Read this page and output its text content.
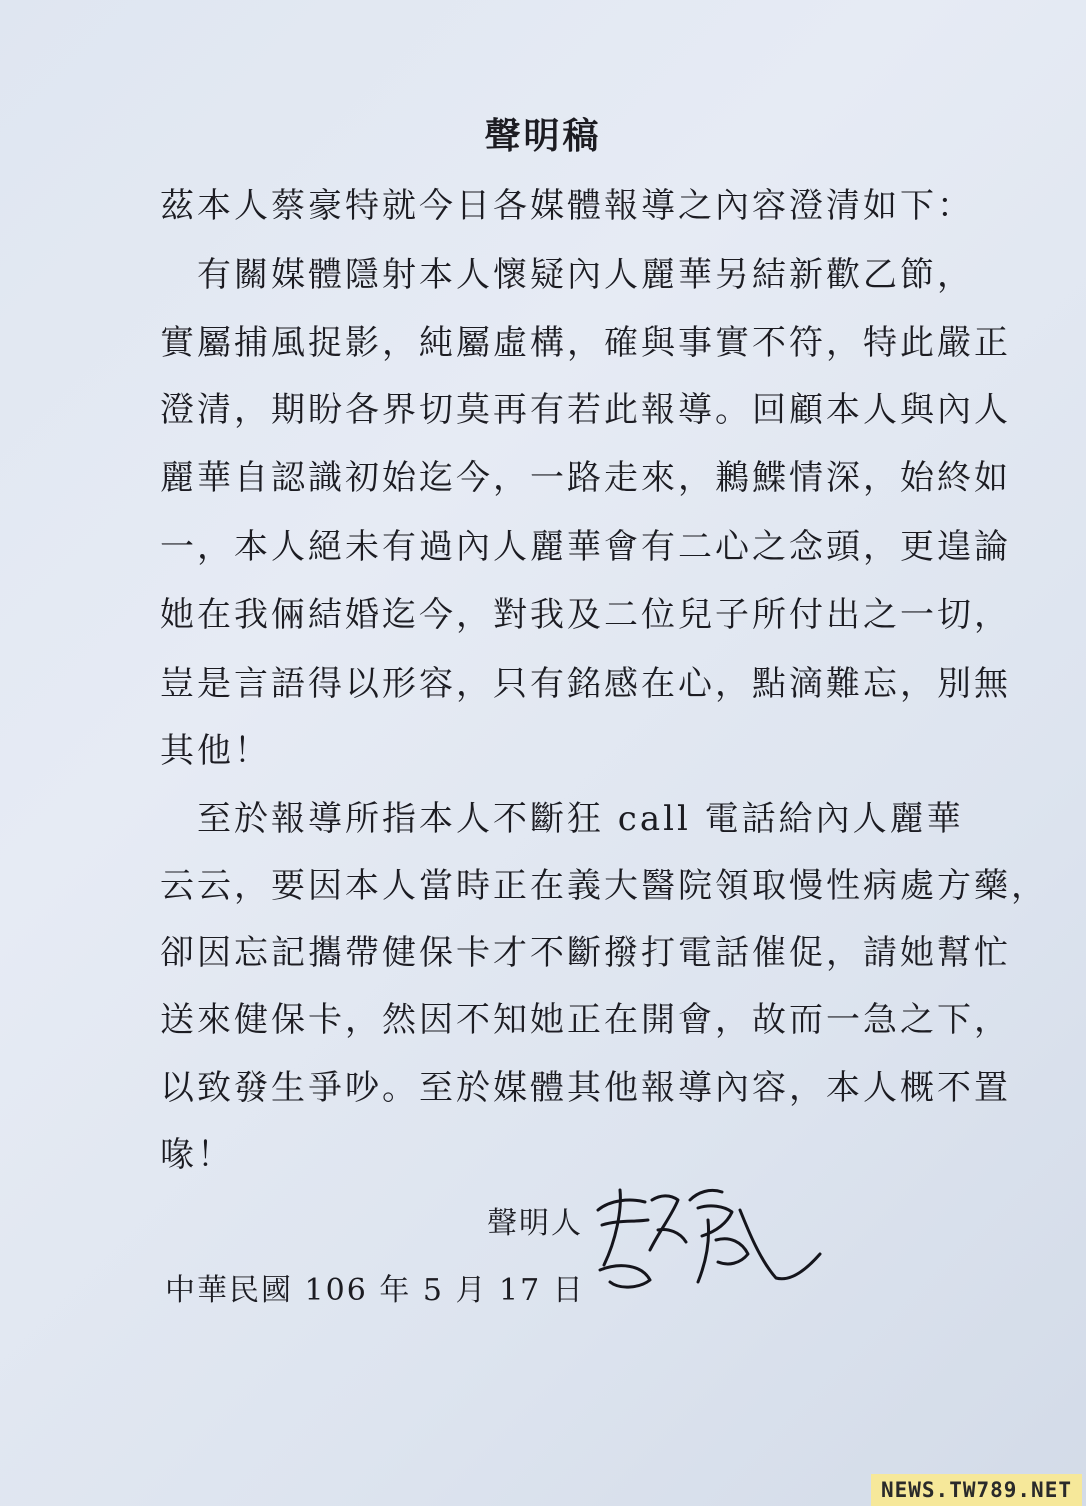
聲明稿
茲本人蔡豪特就今日各媒體報導之內容澄清如下：
　有關媒體隱射本人懷疑內人麗華另結新歡乙節，
實屬捕風捉影，純屬虛構，確與事實不符，特此嚴正
澄清，期盼各界切莫再有若此報導。回顧本人與內人
麗華自認識初始迄今，一路走來，鶼鰈情深，始終如
一，本人絕未有過內人麗華會有二心之念頭，更遑論
她在我倆結婚迄今，對我及二位兒子所付出之一切，
豈是言語得以形容，只有銘感在心，點滴難忘，別無
其他！
　至於報導所指本人不斷狂 call 電話給內人麗華
云云，要因本人當時正在義大醫院領取慢性病處方藥，
卻因忘記攜帶健保卡才不斷撥打電話催促，請她幫忙
送來健保卡，然因不知她正在開會，故而一急之下，
以致發生爭吵。至於媒體其他報導內容，本人概不置
喙！
聲明人
中華民國 106 年 5 月 17 日
NEWS.TW789.NET
